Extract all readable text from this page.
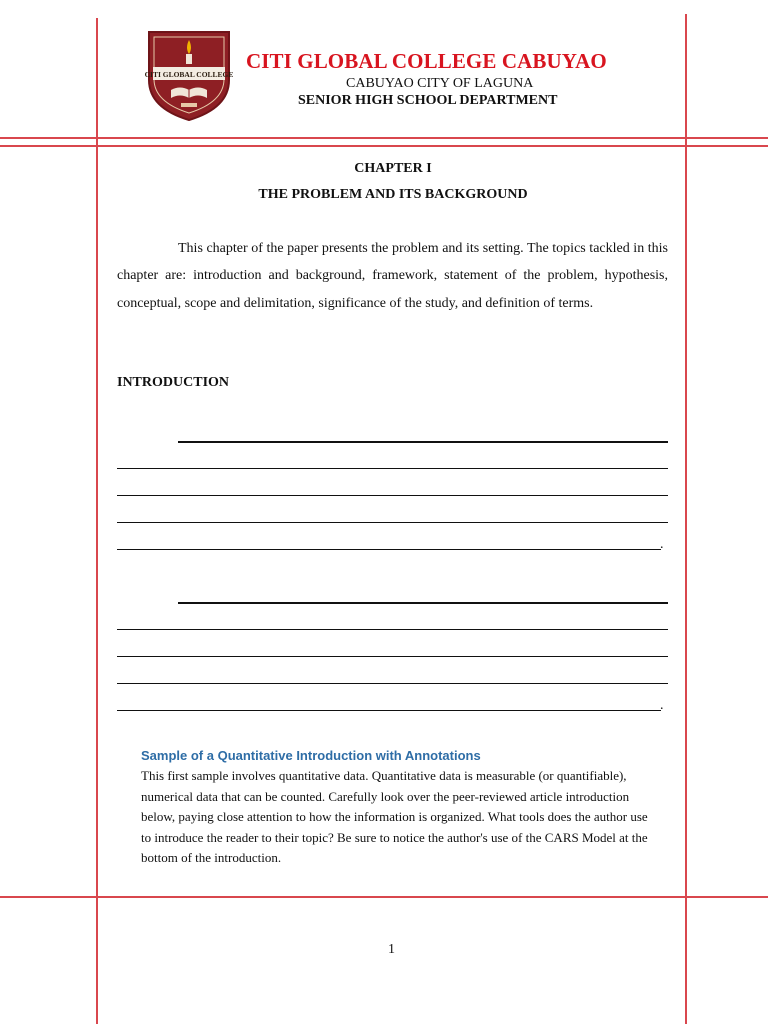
CITI GLOBAL COLLEGE
CITI GLOBAL COLLEGE CABUYAO
CABUYAO CITY OF LAGUNA
SENIOR HIGH SCHOOL DEPARTMENT
CHAPTER I
THE PROBLEM AND ITS BACKGROUND
This chapter of the paper presents the problem and its setting. The topics tackled in this chapter are: introduction and background, framework, statement of the problem, hypothesis, conceptual, scope and delimitation, significance of the study, and definition of terms.
INTRODUCTION
.
.
Sample of a Quantitative Introduction with Annotations
This first sample involves quantitative data. Quantitative data is measurable (or quantifiable),
numerical data that can be counted. Carefully look over the peer-reviewed article introduction
below, paying close attention to how the information is organized. What tools does the author use
to introduce the reader to their topic? Be sure to notice the author's use of the CARS Model at the
bottom of the introduction.
1
